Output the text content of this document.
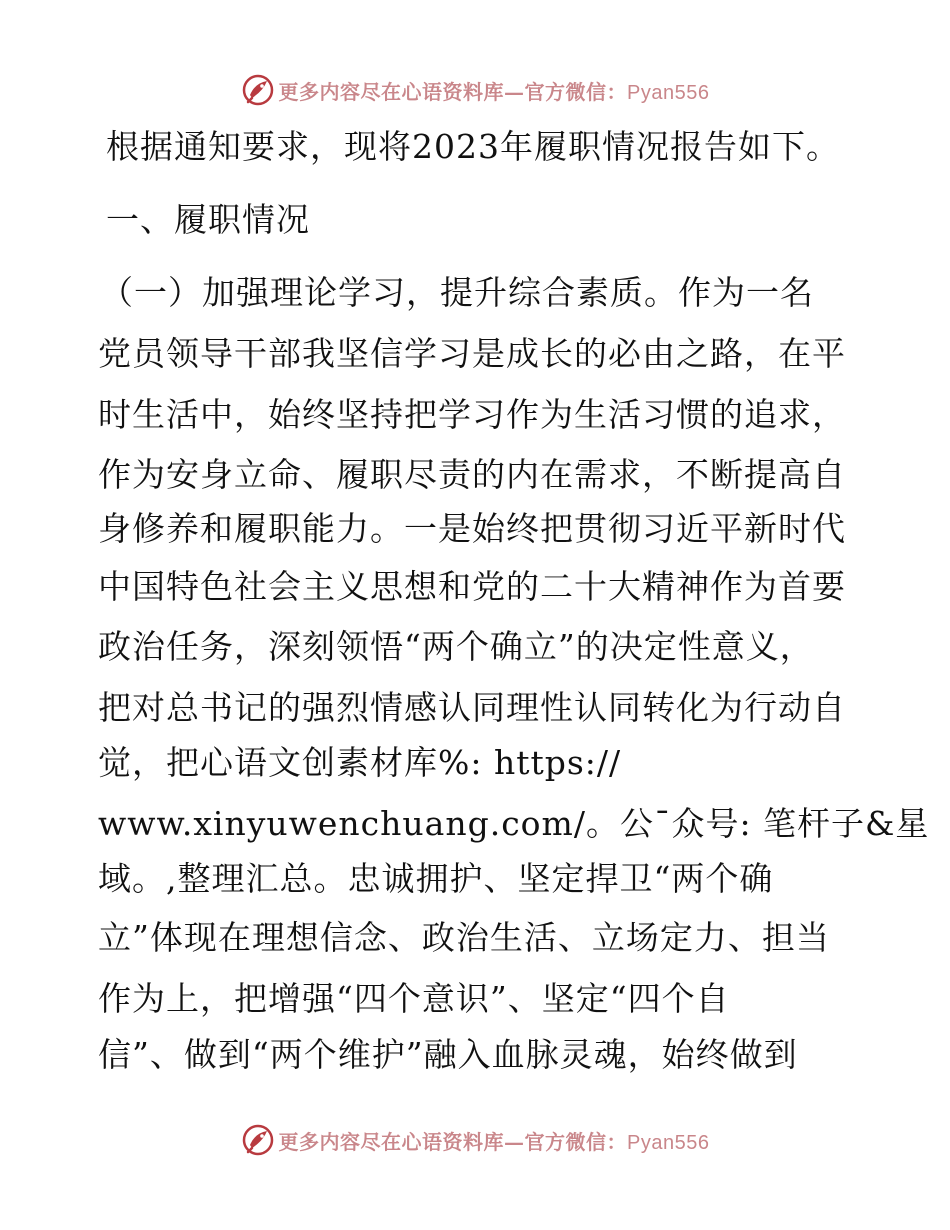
更多内容尽在心语资料库—官方微信：Pyan556
根据通知要求，现将2023年履职情况报告如下。
一、履职情况
（一）加强理论学习，提升综合素质。作为一名
党员领导干部我坚信学习是成长的必由之路，在平
时生活中，始终坚持把学习作为生活习惯的追求，
作为安身立命、履职尽责的内在需求，不断提高自
身修养和履职能力。一是始终把贯彻习近平新时代
中国特色社会主义思想和党的二十大精神作为首要
政治任务，深刻领悟“两个确立”的决定性意义，
把对总书记的强烈情感认同理性认同转化为行动自
觉，把心语文创素材库%: https://
www.xinyuwenchuang.com/。公¯众号: 笔杆子&星
域。,整理汇总。忠诚拥护、坚定捍卫“两个确
立”体现在理想信念、政治生活、立场定力、担当
作为上，把增强“四个意识”、坚定“四个自
信”、做到“两个维护”融入血脉灵魂，始终做到
更多内容尽在心语资料库—官方微信：Pyan556
